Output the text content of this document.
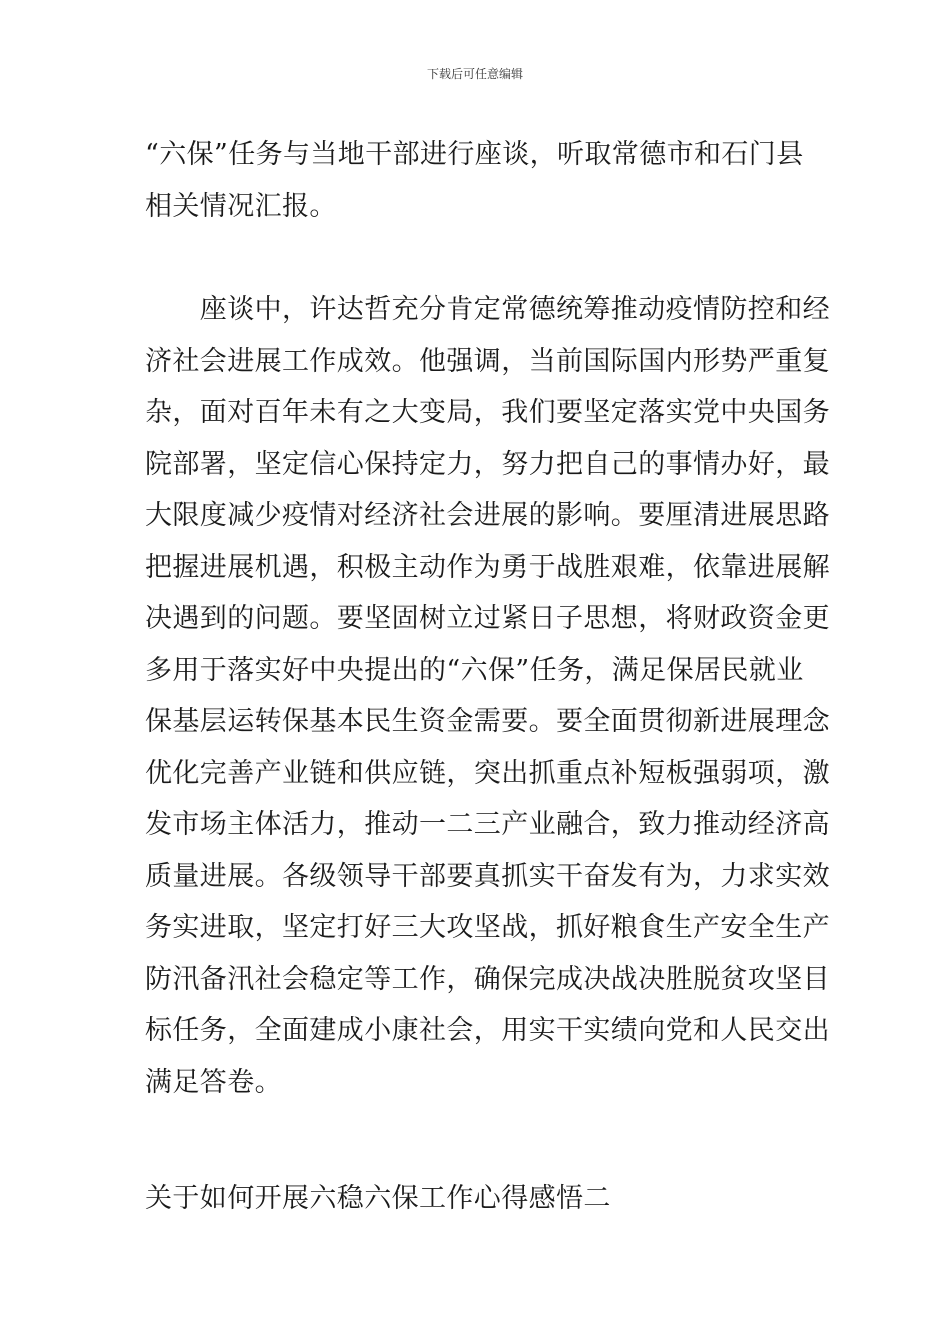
下载后可任意编辑
“六保”任务与当地干部进行座谈，听取常德市和石门县
相关情况汇报。
　　座谈中，许达哲充分肯定常德统筹推动疫情防控和经
济社会进展工作成效。他强调，当前国际国内形势严重复
杂，面对百年未有之大变局，我们要坚定落实党中央国务
院部署，坚定信心保持定力，努力把自己的事情办好，最
大限度减少疫情对经济社会进展的影响。要厘清进展思路
把握进展机遇，积极主动作为勇于战胜艰难，依靠进展解
决遇到的问题。要坚固树立过紧日子思想，将财政资金更
多用于落实好中央提出的“六保”任务，满足保居民就业
保基层运转保基本民生资金需要。要全面贯彻新进展理念
优化完善产业链和供应链，突出抓重点补短板强弱项，激
发市场主体活力，推动一二三产业融合，致力推动经济高
质量进展。各级领导干部要真抓实干奋发有为，力求实效
务实进取，坚定打好三大攻坚战，抓好粮食生产安全生产
防汛备汛社会稳定等工作，确保完成决战决胜脱贫攻坚目
标任务，全面建成小康社会，用实干实绩向党和人民交出
满足答卷。
关于如何开展六稳六保工作心得感悟二
